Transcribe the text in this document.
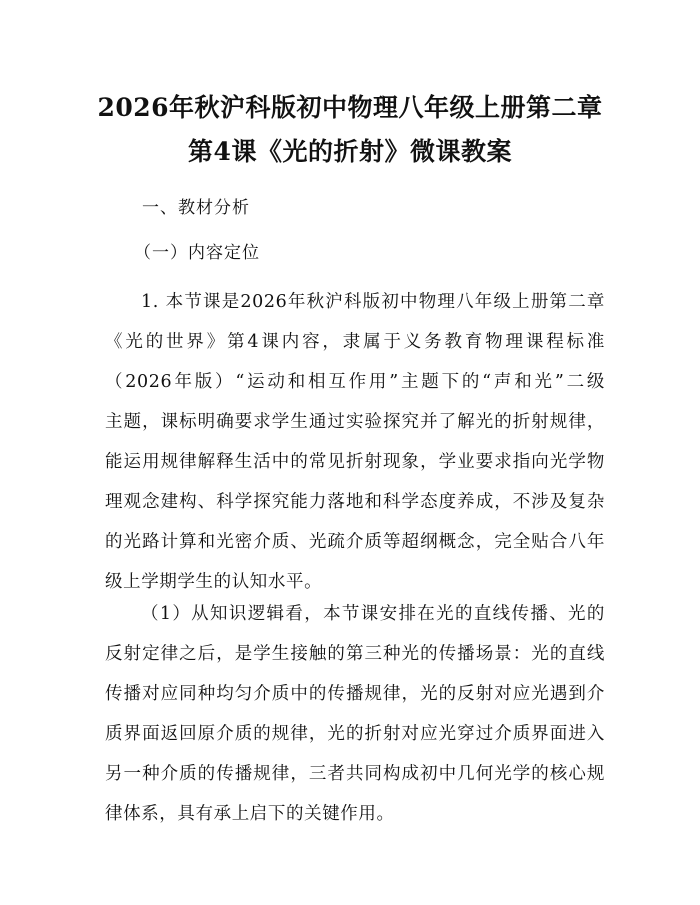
2026年秋沪科版初中物理八年级上册第二章
第4课《光的折射》微课教案
一、教材分析
（一）内容定位
1. 本节课是2026年秋沪科版初中物理八年级上册第二章
《光的世界》第4课内容，隶属于义务教育物理课程标准
（2026年版）“运动和相互作用”主题下的“声和光”二级
主题，课标明确要求学生通过实验探究并了解光的折射规律，
能运用规律解释生活中的常见折射现象，学业要求指向光学物
理观念建构、科学探究能力落地和科学态度养成，不涉及复杂
的光路计算和光密介质、光疏介质等超纲概念，完全贴合八年
级上学期学生的认知水平。
（1）从知识逻辑看，本节课安排在光的直线传播、光的
反射定律之后，是学生接触的第三种光的传播场景：光的直线
传播对应同种均匀介质中的传播规律，光的反射对应光遇到介
质界面返回原介质的规律，光的折射对应光穿过介质界面进入
另一种介质的传播规律，三者共同构成初中几何光学的核心规
律体系，具有承上启下的关键作用。
